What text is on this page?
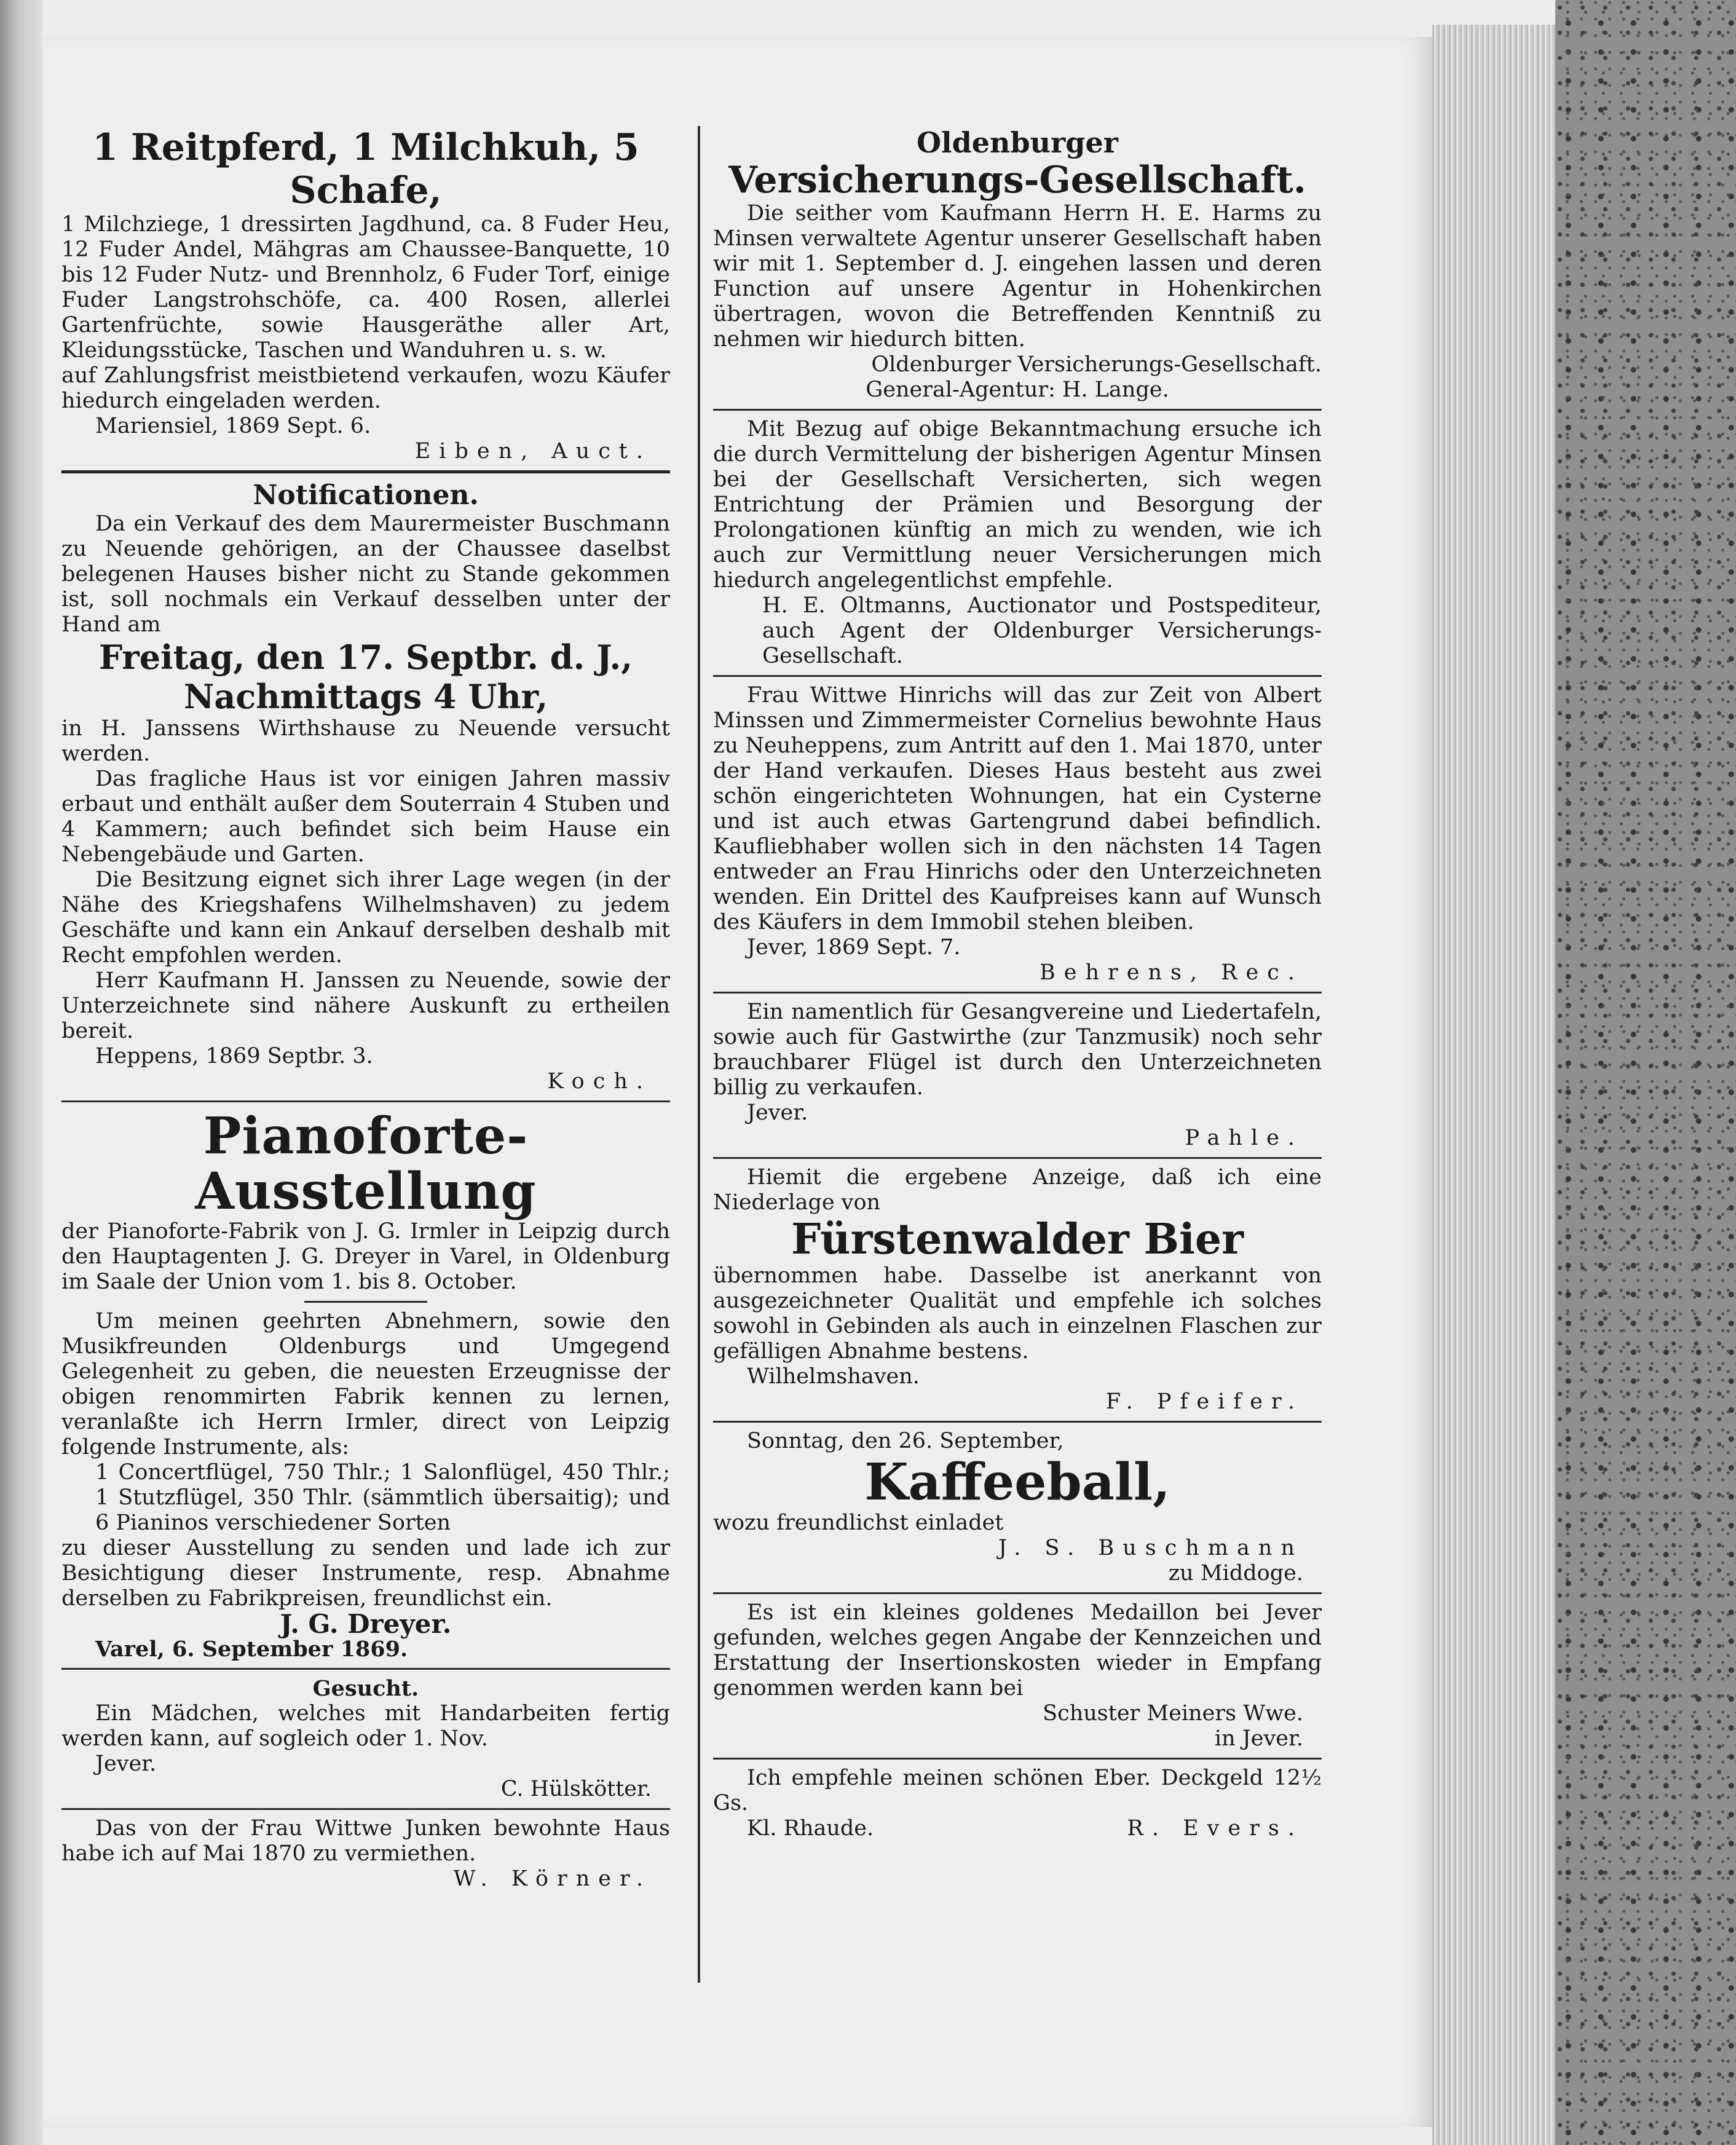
1 Reitpferd, 1 Milchkuh, 5 Schafe,

1 Milchziege, 1 dressirten Jagdhund, ca. 8 Fuder Heu, 12 Fuder Andel, Mähgras am Chaussee-Banquette, 10 bis 12 Fuder Nutz- und Brennholz, 6 Fuder Torf, einige Fuder Langstrohschöfe, ca. 400 Rosen, allerlei Gartenfrüchte, sowie Hausgeräthe aller Art, Kleidungsstücke, Taschen und Wanduhren u. s. w.

auf Zahlungsfrist meistbietend verkaufen, wozu Käufer hiedurch eingeladen werden.

Mariensiel, 1869 Sept. 6.

Eiben, Auct.

Notificationen.

Da ein Verkauf des dem Maurermeister Buschmann zu Neuende gehörigen, an der Chaussee daselbst belegenen Hauses bisher nicht zu Stande gekommen ist, soll nochmals ein Verkauf desselben unter der Hand am

Freitag, den 17. Septbr. d. J.,

Nachmittags 4 Uhr,

in H. Janssens Wirthshause zu Neuende versucht werden.

Das fragliche Haus ist vor einigen Jahren massiv erbaut und enthält außer dem Souterrain 4 Stuben und 4 Kammern; auch befindet sich beim Hause ein Nebengebäude und Garten.

Die Besitzung eignet sich ihrer Lage wegen (in der Nähe des Kriegshafens Wilhelmshaven) zu jedem Geschäfte und kann ein Ankauf derselben deshalb mit Recht empfohlen werden.

Herr Kaufmann H. Janssen zu Neuende, sowie der Unterzeichnete sind nähere Auskunft zu ertheilen bereit.

Heppens, 1869 Septbr. 3.

Koch.

Pianoforte-Ausstellung

der Pianoforte-Fabrik von J. G. Irmler in Leipzig durch den Hauptagenten J. G. Dreyer in Varel, in Oldenburg im Saale der Union vom 1. bis 8. October.

Um meinen geehrten Abnehmern, sowie den Musikfreunden Oldenburgs und Umgegend Gelegenheit zu geben, die neuesten Erzeugnisse der obigen renommirten Fabrik kennen zu lernen, veranlaßte ich Herrn Irmler, direct von Leipzig folgende Instrumente, als:

1 Concertflügel, 750 Thlr.; 1 Salonflügel, 450 Thlr.; 1 Stutzflügel, 350 Thlr. (sämmtlich übersaitig); und 6 Pianinos verschiedener Sorten

zu dieser Ausstellung zu senden und lade ich zur Besichtigung dieser Instrumente, resp. Abnahme derselben zu Fabrikpreisen, freundlichst ein.

J. G. Dreyer.

Varel, 6. September 1869.

Gesucht.

Ein Mädchen, welches mit Handarbeiten fertig werden kann, auf sogleich oder 1. Nov.

Jever.

C. Hülskötter.

Das von der Frau Wittwe Junken bewohnte Haus habe ich auf Mai 1870 zu vermiethen.

W. Körner.

Oldenburger

Versicherungs-Gesellschaft.

Die seither vom Kaufmann Herrn H. E. Harms zu Minsen verwaltete Agentur unserer Gesellschaft haben wir mit 1. September d. J. eingehen lassen und deren Function auf unsere Agentur in Hohenkirchen übertragen, wovon die Betreffenden Kenntniß zu nehmen wir hiedurch bitten.

Oldenburger Versicherungs-Gesellschaft.

General-Agentur: H. Lange.

Mit Bezug auf obige Bekanntmachung ersuche ich die durch Vermittelung der bisherigen Agentur Minsen bei der Gesellschaft Versicherten, sich wegen Entrichtung der Prämien und Besorgung der Prolongationen künftig an mich zu wenden, wie ich auch zur Vermittlung neuer Versicherungen mich hiedurch angelegentlichst empfehle.

H. E. Oltmanns, Auctionator und Postspediteur, auch Agent der Oldenburger Versicherungs-Gesellschaft.

Frau Wittwe Hinrichs will das zur Zeit von Albert Minssen und Zimmermeister Cornelius bewohnte Haus zu Neuheppens, zum Antritt auf den 1. Mai 1870, unter der Hand verkaufen. Dieses Haus besteht aus zwei schön eingerichteten Wohnungen, hat ein Cysterne und ist auch etwas Gartengrund dabei befindlich. Kaufliebhaber wollen sich in den nächsten 14 Tagen entweder an Frau Hinrichs oder den Unterzeichneten wenden. Ein Drittel des Kaufpreises kann auf Wunsch des Käufers in dem Immobil stehen bleiben.

Jever, 1869 Sept. 7.

Behrens, Rec.

Ein namentlich für Gesangvereine und Liedertafeln, sowie auch für Gastwirthe (zur Tanzmusik) noch sehr brauchbarer Flügel ist durch den Unterzeichneten billig zu verkaufen.

Jever.

Pahle.

Hiemit die ergebene Anzeige, daß ich eine Niederlage von

Fürstenwalder Bier

übernommen habe. Dasselbe ist anerkannt von ausgezeichneter Qualität und empfehle ich solches sowohl in Gebinden als auch in einzelnen Flaschen zur gefälligen Abnahme bestens.

Wilhelmshaven.

F. Pfeifer.

Sonntag, den 26. September,

Kaffeeball,

wozu freundlichst einladet

J. S. Buschmann

zu Middoge.

Es ist ein kleines goldenes Medaillon bei Jever gefunden, welches gegen Angabe der Kennzeichen und Erstattung der Insertionskosten wieder in Empfang genommen werden kann bei

Schuster Meiners Wwe.

in Jever.

Ich empfehle meinen schönen Eber. Deckgeld 12½ Gs.

Kl. Rhaude.	R. Evers.
